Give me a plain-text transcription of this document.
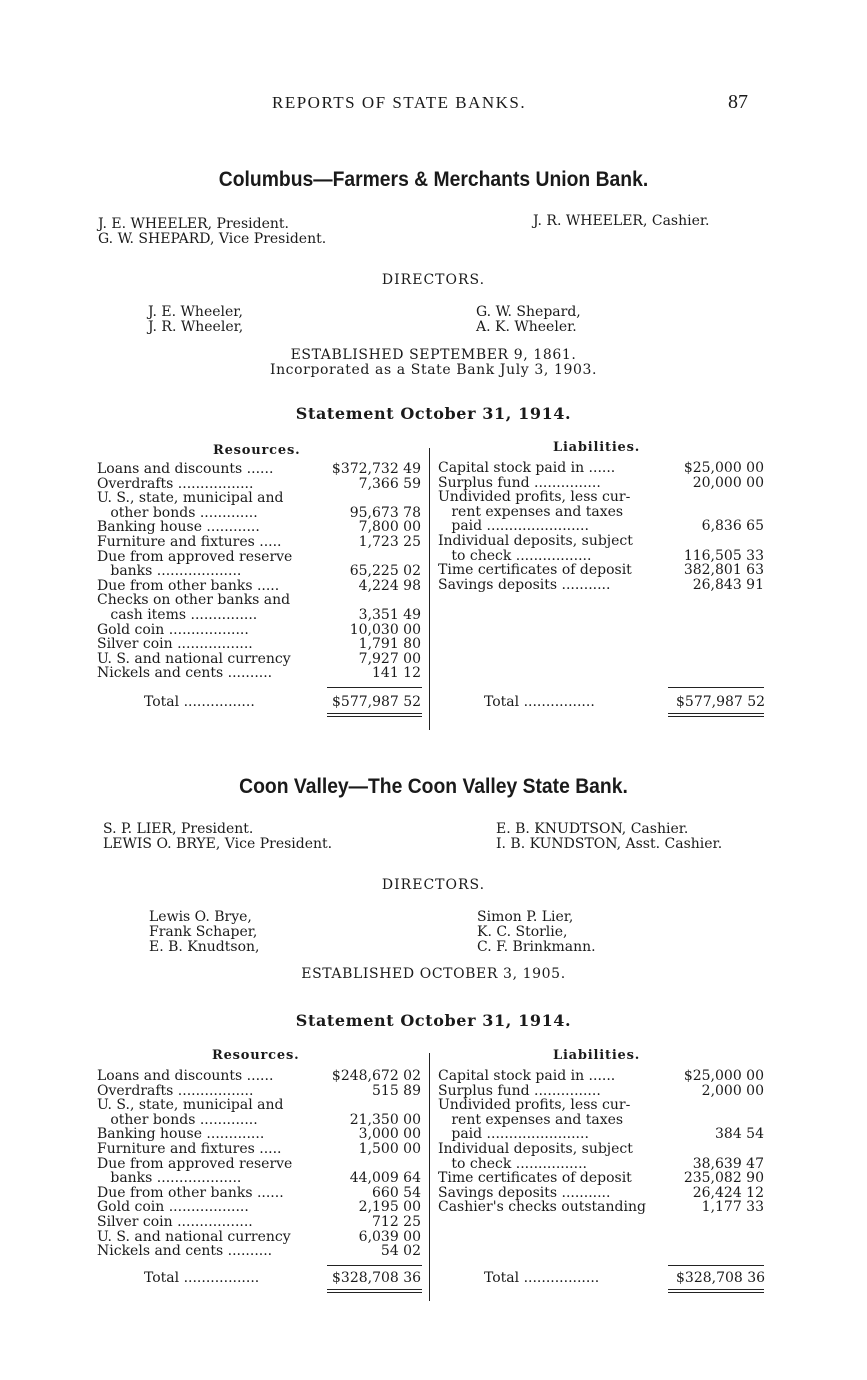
REPORTS OF STATE BANKS.	87
Columbus—Farmers & Merchants Union Bank.
J. E. WHEELER, President.
G. W. SHEPARD, Vice President.
J. R. WHEELER, Cashier.
DIRECTORS.
J. E. Wheeler,
J. R. Wheeler,
G. W. Shepard,
A. K. Wheeler.
ESTABLISHED SEPTEMBER 9, 1861.
Incorporated as a State Bank July 3, 1903.
Statement October 31, 1914.
Resources.	Liabilities.
Loans and discounts ......	$372,732 49
Overdrafts .................	7,366 59
U. S., state, municipal and
other bonds .............	95,673 78
Banking house ............	7,800 00
Furniture and fixtures .....	1,723 25
Due from approved reserve
banks ...................	65,225 02
Due from other banks .....	4,224 98
Checks on other banks and
cash items ...............	3,351 49
Gold coin ..................	10,030 00
Silver coin .................	1,791 80
U. S. and national currency	7,927 00
Nickels and cents ..........	141 12
Capital stock paid in ......	$25,000 00
Surplus fund ...............	20,000 00
Undivided profits, less cur-
rent expenses and taxes
paid .......................	6,836 65
Individual deposits, subject
to check .................	116,505 33
Time certificates of deposit	382,801 63
Savings deposits ...........	26,843 91
Total ................	$577,987 52	Total ................	$577,987 52
Coon Valley—The Coon Valley State Bank.
S. P. LIER, President.
LEWIS O. BRYE, Vice President.
E. B. KNUDTSON, Cashier.
I. B. KUNDSTON, Asst. Cashier.
DIRECTORS.
Lewis O. Brye,
Frank Schaper,
E. B. Knudtson,
Simon P. Lier,
K. C. Storlie,
C. F. Brinkmann.
ESTABLISHED OCTOBER 3, 1905.
Statement October 31, 1914.
Resources.	Liabilities.
Loans and discounts ......	$248,672 02
Overdrafts .................	515 89
U. S., state, municipal and
other bonds .............	21,350 00
Banking house .............	3,000 00
Furniture and fixtures .....	1,500 00
Due from approved reserve
banks ...................	44,009 64
Due from other banks ......	660 54
Gold coin ..................	2,195 00
Silver coin .................	712 25
U. S. and national currency	6,039 00
Nickels and cents ..........	54 02
Capital stock paid in ......	$25,000 00
Surplus fund ...............	2,000 00
Undivided profits, less cur-
rent expenses and taxes
paid .......................	384 54
Individual deposits, subject
to check ................	38,639 47
Time certificates of deposit	235,082 90
Savings deposits ...........	26,424 12
Cashier's checks outstanding	1,177 33
Total .................	$328,708 36	Total .................	$328,708 36
